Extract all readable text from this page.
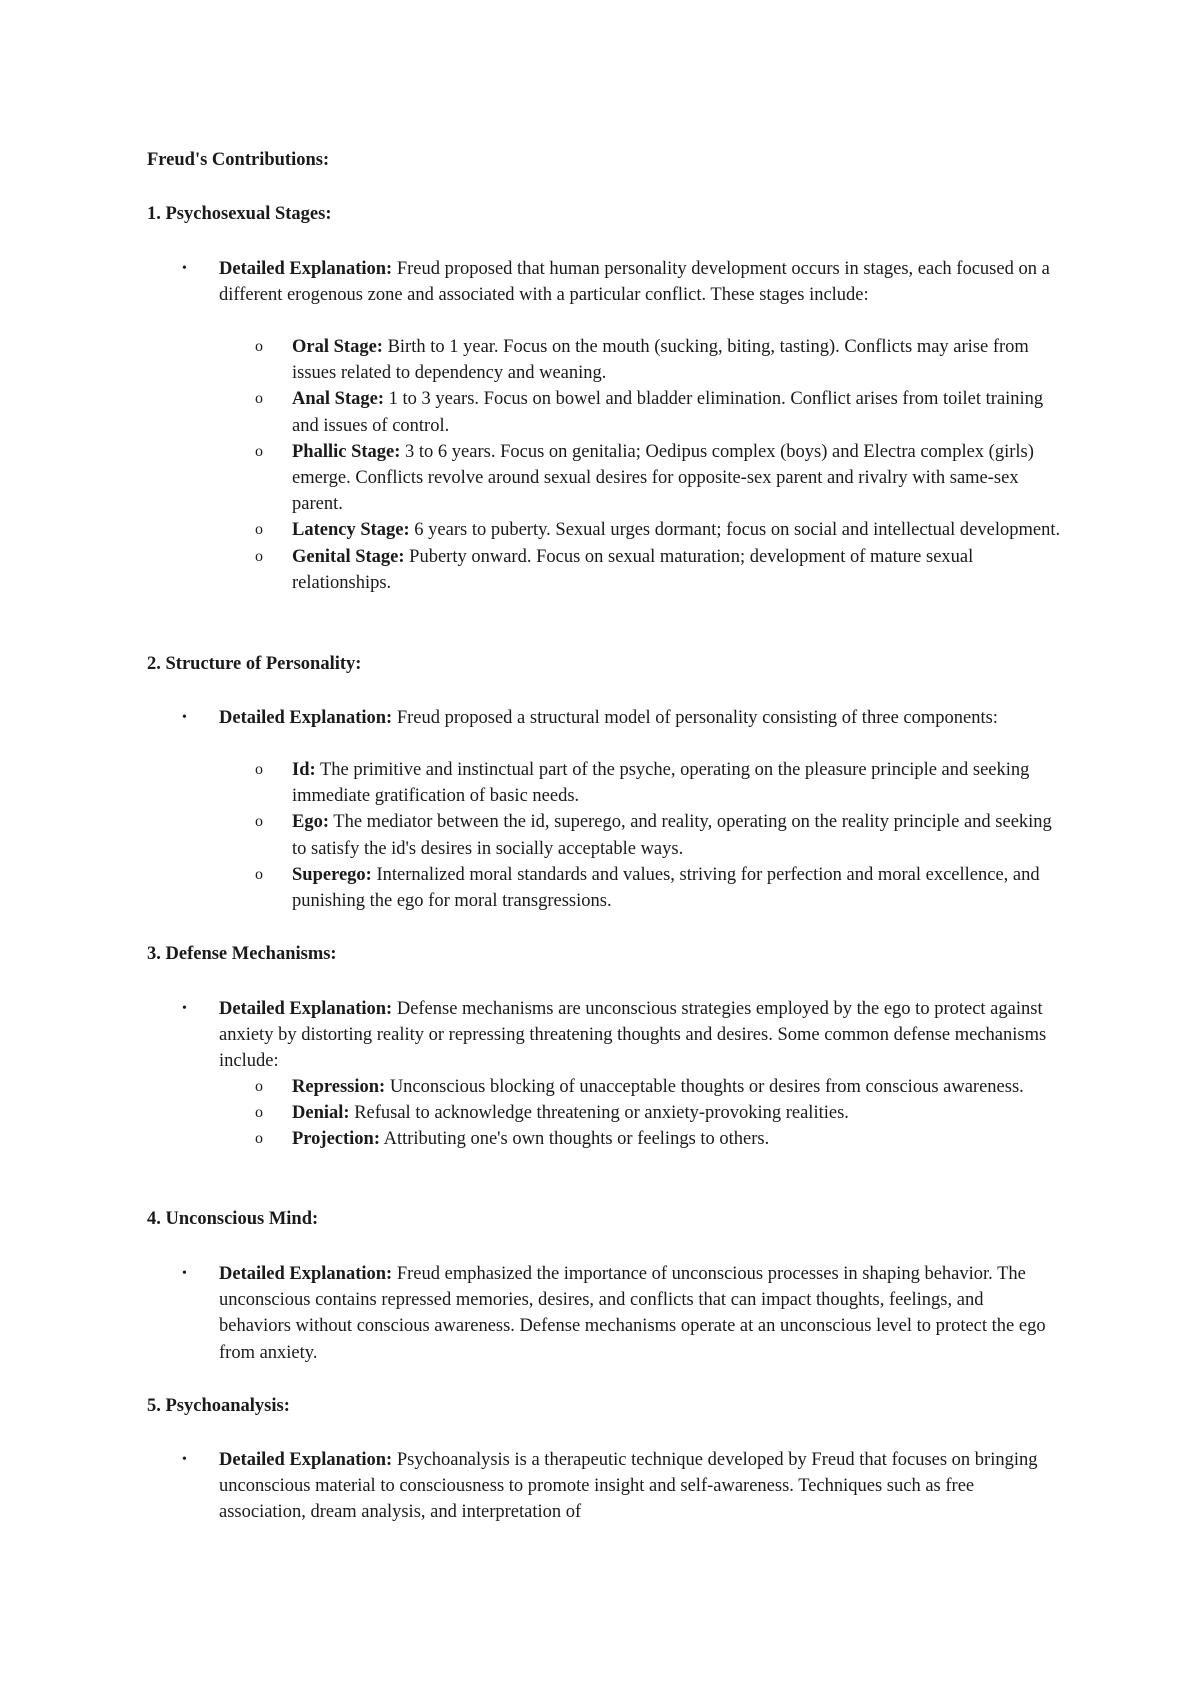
Freud's Contributions:
1. Psychosexual Stages:
• Detailed Explanation: Freud proposed that human personality development occurs in stages, each focused on a different erogenous zone and associated with a particular conflict. These stages include:

o Oral Stage: Birth to 1 year. Focus on the mouth (sucking, biting, tasting). Conflicts may arise from issues related to dependency and weaning.

o Anal Stage: 1 to 3 years. Focus on bowel and bladder elimination. Conflict arises from toilet training and issues of control.

o Phallic Stage: 3 to 6 years. Focus on genitalia; Oedipus complex (boys) and Electra complex (girls) emerge. Conflicts revolve around sexual desires for opposite-sex parent and rivalry with same-sex parent.

o Latency Stage: 6 years to puberty. Sexual urges dormant; focus on social and intellectual development.

o Genital Stage: Puberty onward. Focus on sexual maturation; development of mature sexual relationships.

2. Structure of Personality:
• Detailed Explanation: Freud proposed a structural model of personality consisting of three components:

o Id: The primitive and instinctual part of the psyche, operating on the pleasure principle and seeking immediate gratification of basic needs.

o Ego: The mediator between the id, superego, and reality, operating on the reality principle and seeking to satisfy the id's desires in socially acceptable ways.

o Superego: Internalized moral standards and values, striving for perfection and moral excellence, and punishing the ego for moral transgressions.

3. Defense Mechanisms:
• Detailed Explanation: Defense mechanisms are unconscious strategies employed by the ego to protect against anxiety by distorting reality or repressing threatening thoughts and desires. Some common defense mechanisms include:

o Repression: Unconscious blocking of unacceptable thoughts or desires from conscious awareness.

o Denial: Refusal to acknowledge threatening or anxiety-provoking realities.

o Projection: Attributing one's own thoughts or feelings to others.

4. Unconscious Mind:
• Detailed Explanation: Freud emphasized the importance of unconscious processes in shaping behavior. The unconscious contains repressed memories, desires, and conflicts that can impact thoughts, feelings, and behaviors without conscious awareness. Defense mechanisms operate at an unconscious level to protect the ego from anxiety.
5. Psychoanalysis:
• Detailed Explanation: Psychoanalysis is a therapeutic technique developed by Freud that focuses on bringing unconscious material to consciousness to promote insight and self-awareness. Techniques such as free association, dream analysis, and interpretation of
